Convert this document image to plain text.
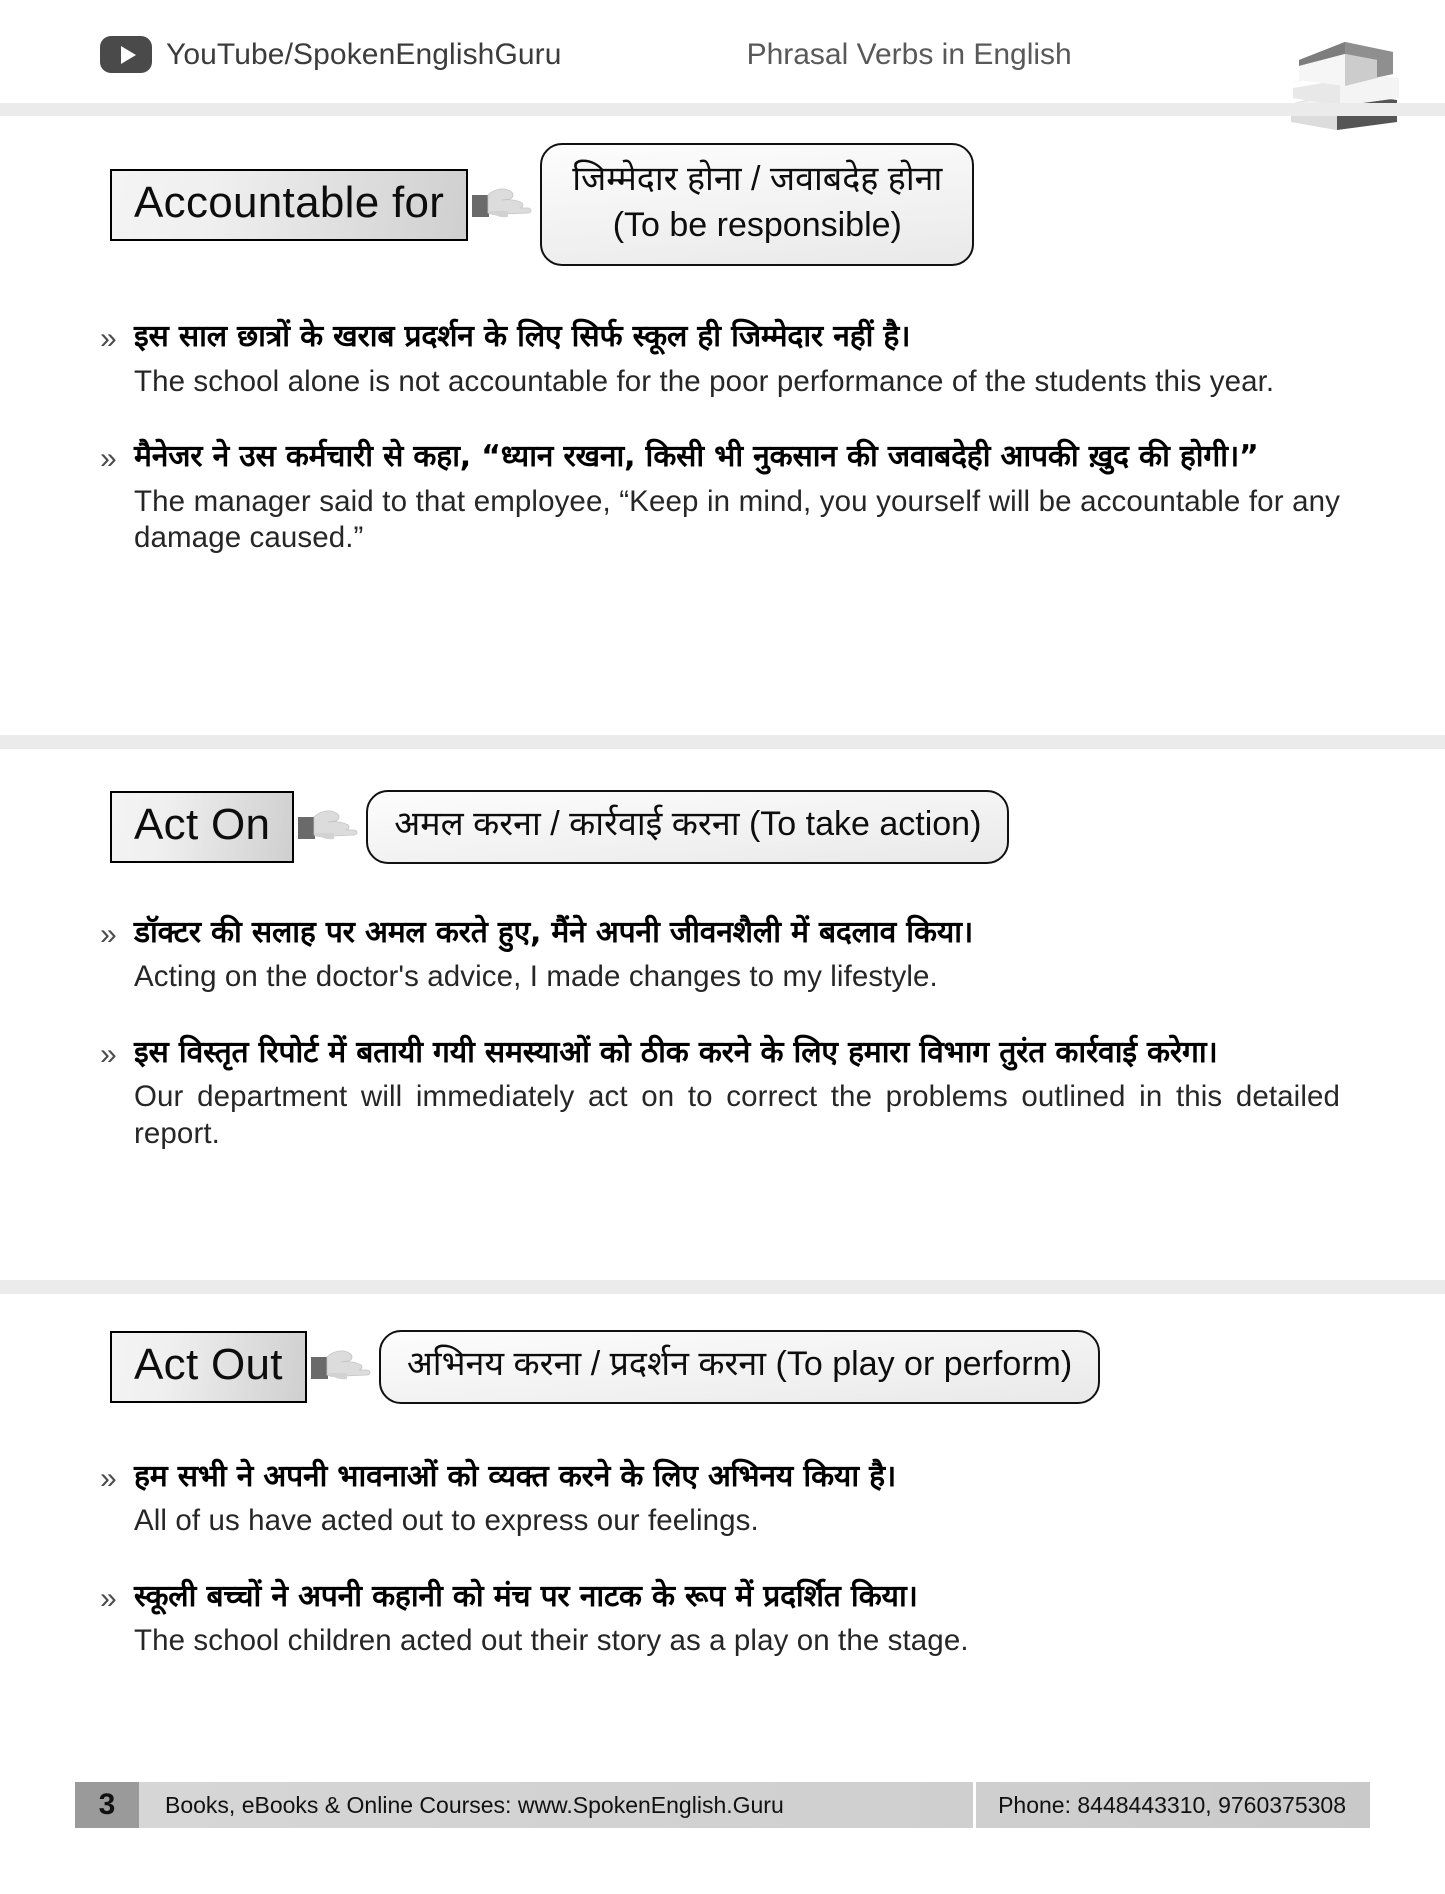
YouTube/SpokenEnglishGuru	Phrasal Verbs in English
Accountable for	जिम्मेदार होना / जवाबदेह होना
(To be responsible)
» इस साल छात्रों के खराब प्रदर्शन के लिए सिर्फ स्कूल ही जिम्मेदार नहीं है।
The school alone is not accountable for the poor performance of the students this year.
» मैनेजर ने उस कर्मचारी से कहा, “ध्यान रखना, किसी भी नुकसान की जवाबदेही आपकी ख़ुद की होगी।”
The manager said to that employee, “Keep in mind, you yourself will be accountable for any damage caused.”
Act On	अमल करना / कार्रवाई करना (To take action)
» डॉक्टर की सलाह पर अमल करते हुए, मैंने अपनी जीवनशैली में बदलाव किया।
Acting on the doctor's advice, I made changes to my lifestyle.
» इस विस्तृत रिपोर्ट में बतायी गयी समस्याओं को ठीक करने के लिए हमारा विभाग तुरंत कार्रवाई करेगा।
Our department will immediately act on to correct the problems outlined in this detailed report.
Act Out	अभिनय करना / प्रदर्शन करना (To play or perform)
» हम सभी ने अपनी भावनाओं को व्यक्त करने के लिए अभिनय किया है।
All of us have acted out to express our feelings.
» स्कूली बच्चों ने अपनी कहानी को मंच पर नाटक के रूप में प्रदर्शित किया।
The school children acted out their story as a play on the stage.
3	Books, eBooks & Online Courses: www.SpokenEnglish.Guru	Phone: 8448443310, 9760375308
